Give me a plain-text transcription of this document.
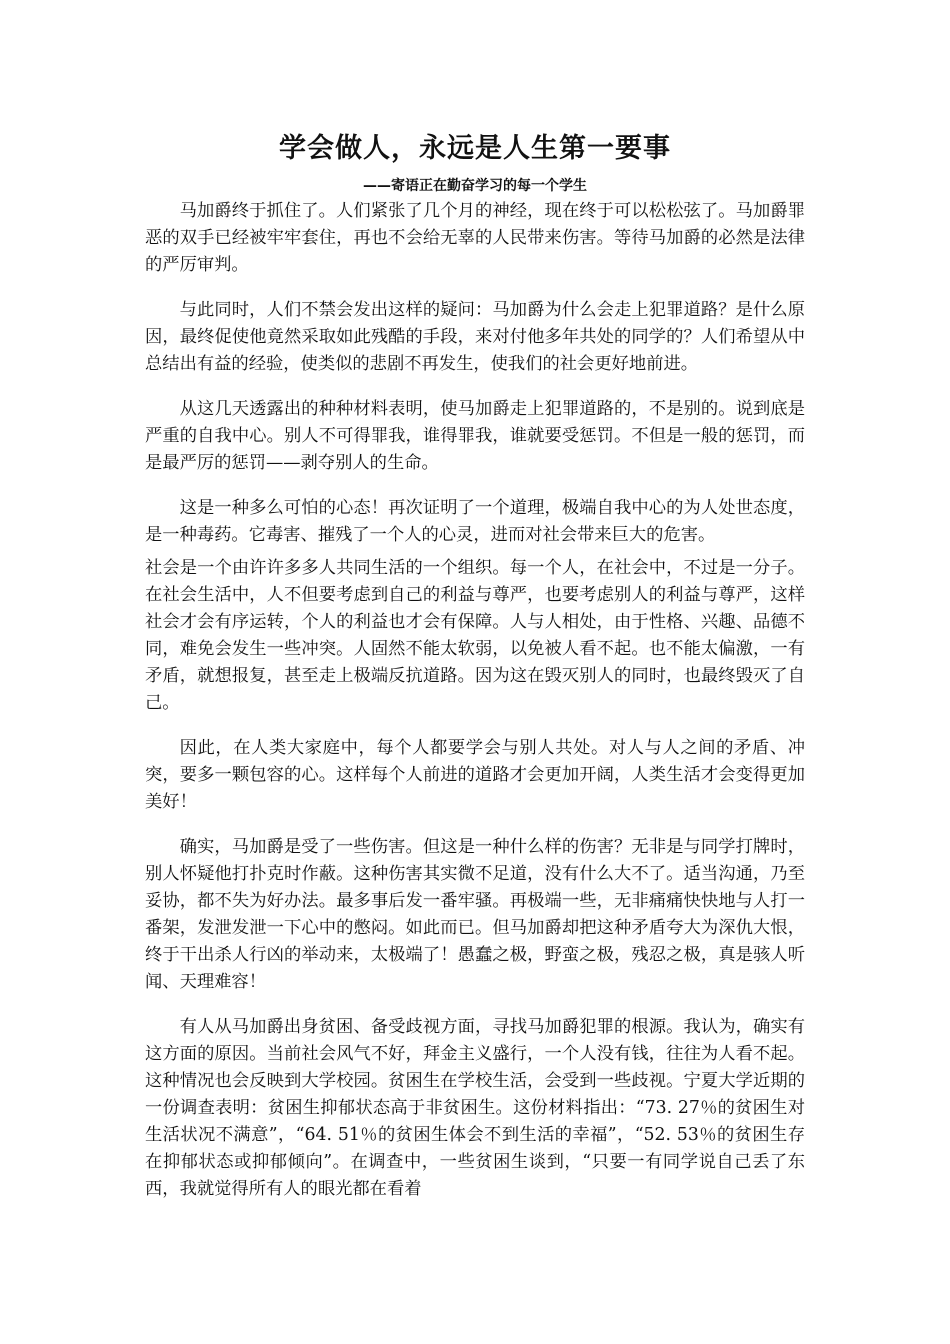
学会做人，永远是人生第一要事
——寄语正在勤奋学习的每一个学生

马加爵终于抓住了。人们紧张了几个月的神经，现在终于可以松松弦了。马加爵罪恶的双手已经被牢牢套住，再也不会给无辜的人民带来伤害。等待马加爵的必然是法律的严厉审判。

与此同时，人们不禁会发出这样的疑问：马加爵为什么会走上犯罪道路？是什么原因，最终促使他竟然采取如此残酷的手段，来对付他多年共处的同学的？人们希望从中总结出有益的经验，使类似的悲剧不再发生，使我们的社会更好地前进。

从这几天透露出的种种材料表明，使马加爵走上犯罪道路的，不是别的。说到底是严重的自我中心。别人不可得罪我，谁得罪我，谁就要受惩罚。不但是一般的惩罚，而是最严厉的惩罚——剥夺别人的生命。

这是一种多么可怕的心态！再次证明了一个道理，极端自我中心的为人处世态度，是一种毒药。它毒害、摧残了一个人的心灵，进而对社会带来巨大的危害。

社会是一个由许许多多人共同生活的一个组织。每一个人，在社会中，不过是一分子。在社会生活中，人不但要考虑到自己的利益与尊严，也要考虑别人的利益与尊严，这样社会才会有序运转，个人的利益也才会有保障。人与人相处，由于性格、兴趣、品德不同，难免会发生一些冲突。人固然不能太软弱，以免被人看不起。也不能太偏激，一有矛盾，就想报复，甚至走上极端反抗道路。因为这在毁灭别人的同时，也最终毁灭了自己。

因此，在人类大家庭中，每个人都要学会与别人共处。对人与人之间的矛盾、冲突，要多一颗包容的心。这样每个人前进的道路才会更加开阔，人类生活才会变得更加美好！

确实，马加爵是受了一些伤害。但这是一种什么样的伤害？无非是与同学打牌时，别人怀疑他打扑克时作蔽。这种伤害其实微不足道，没有什么大不了。适当沟通，乃至妥协，都不失为好办法。最多事后发一番牢骚。再极端一些，无非痛痛快快地与人打一番架，发泄发泄一下心中的憋闷。如此而已。但马加爵却把这种矛盾夸大为深仇大恨，终于干出杀人行凶的举动来，太极端了！愚蠢之极，野蛮之极，残忍之极，真是骇人听闻、天理难容！

有人从马加爵出身贫困、备受歧视方面，寻找马加爵犯罪的根源。我认为，确实有这方面的原因。当前社会风气不好，拜金主义盛行，一个人没有钱，往往为人看不起。这种情况也会反映到大学校园。贫困生在学校生活，会受到一些歧视。宁夏大学近期的一份调查表明：贫困生抑郁状态高于非贫困生。这份材料指出：“73. 27％的贫困生对生活状况不满意”，“64. 51％的贫困生体会不到生活的幸福”，“52. 53％的贫困生存在抑郁状态或抑郁倾向”。在调查中，一些贫困生谈到，“只要一有同学说自己丢了东西，我就觉得所有人的眼光都在看着
